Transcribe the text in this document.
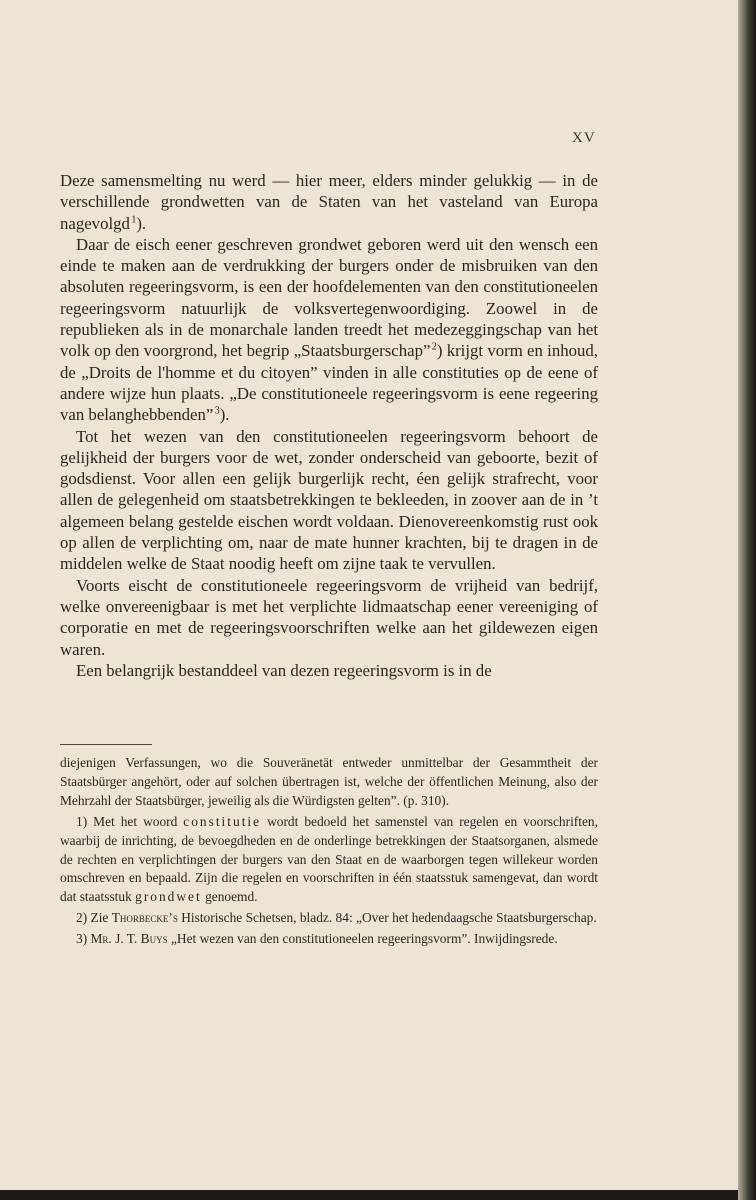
XV

Deze samensmelting nu werd — hier meer, elders minder gelukkig — in de verschillende grondwetten van de Staten van het vasteland van Europa nagevolgd $^1$).

Daar de eisch eener geschreven grondwet geboren werd uit den wensch een einde te maken aan de verdrukking der burgers onder de misbruiken van den absoluten regeeringsvorm, is een der hoofdelementen van den constitutioneelen regeeringsvorm natuurlijk de volksvertegenwoordiging. Zoowel in de republieken als in de monarchale landen treedt het medezeggingschap van het volk op den voorgrond, het begrip „Staatsburgerschap” $^2$) krijgt vorm en inhoud, de „Droits de l'homme et du citoyen” vinden in alle constituties op de eene of andere wijze hun plaats. „De constitutioneele regeeringsvorm is eene regeering van belanghebbenden” $^3$).

Tot het wezen van den constitutioneelen regeeringsvorm behoort de gelijkheid der burgers voor de wet, zonder onderscheid van geboorte, bezit of godsdienst. Voor allen een gelijk burgerlijk recht, éen gelijk strafrecht, voor allen de gelegenheid om staatsbetrekkingen te bekleeden, in zoover aan de in ’t algemeen belang gestelde eischen wordt voldaan. Dienovereenkomstig rust ook op allen de verplichting om, naar de mate hunner krachten, bij te dragen in de middelen welke de Staat noodig heeft om zijne taak te vervullen.

Voorts eischt de constitutioneele regeeringsvorm de vrijheid van bedrijf, welke onvereenigbaar is met het verplichte lidmaatschap eener vereeniging of corporatie en met de regeeringsvoorschriften welke aan het gildewezen eigen waren.

Een belangrijk bestanddeel van dezen regeeringsvorm is in de

diejenigen Verfassungen, wo die Souveränetät entweder unmittelbar der Gesammtheit der Staatsbürger angehört, oder auf solchen übertragen ist, welche der öffentlichen Meinung, also der Mehrzahl der Staatsbürger, jeweilig als die Würdigsten gelten”. (p. 310).

1) Met het woord constitutie wordt bedoeld het samenstel van regelen en voorschriften, waarbij de inrichting, de bevoegdheden en de onderlinge betrekkingen der Staatsorganen, alsmede de rechten en verplichtingen der burgers van den Staat en de waarborgen tegen willekeur worden omschreven en bepaald. Zijn die regelen en voorschriften in één staatsstuk samengevat, dan wordt dat staatsstuk grondwet genoemd.

2) Zie Thorbecke’s Historische Schetsen, bladz. 84: „Over het hedendaagsche Staatsburgerschap.

3) Mr. J. T. Buys „Het wezen van den constitutioneelen regeeringsvorm”. Inwijdingsrede.
